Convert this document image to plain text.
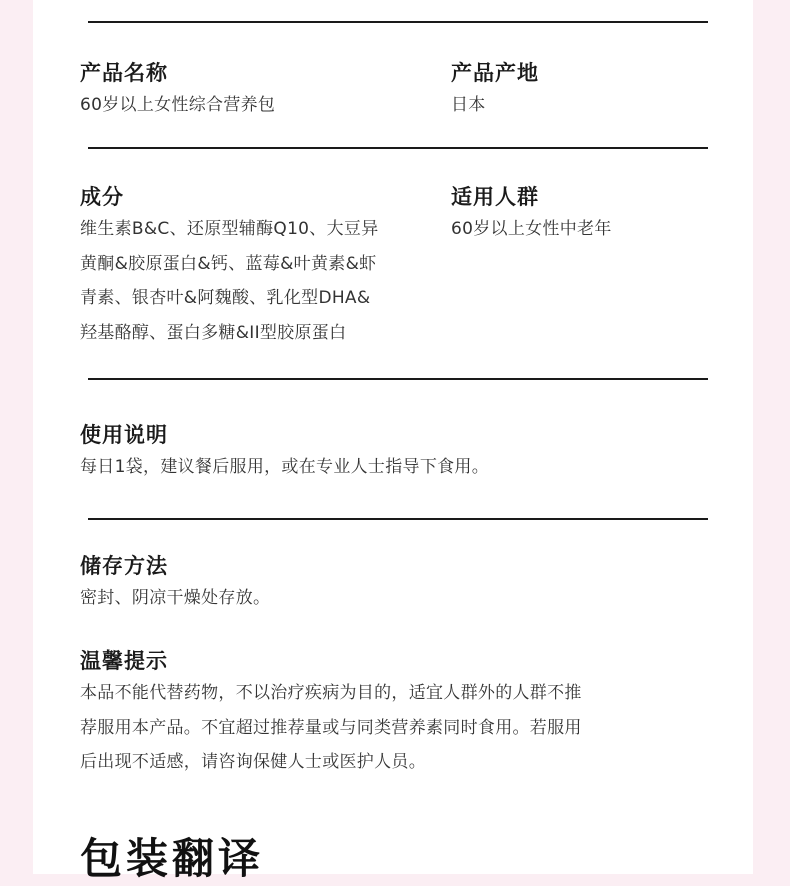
产品名称
60岁以上女性综合营养包
产品产地
日本
成分
维生素B&C、还原型辅酶Q10、大豆异
黄酮&胶原蛋白&钙、蓝莓&叶黄素&虾
青素、银杏叶&阿魏酸、乳化型DHA&
羟基酪醇、蛋白多糖&II型胶原蛋白
适用人群
60岁以上女性中老年
使用说明
每日1袋，建议餐后服用，或在专业人士指导下食用。
储存方法
密封、阴凉干燥处存放。
温馨提示
本品不能代替药物，不以治疗疾病为目的，适宜人群外的人群不推
荐服用本产品。不宜超过推荐量或与同类营养素同时食用。若服用
后出现不适感，请咨询保健人士或医护人员。
包装翻译
